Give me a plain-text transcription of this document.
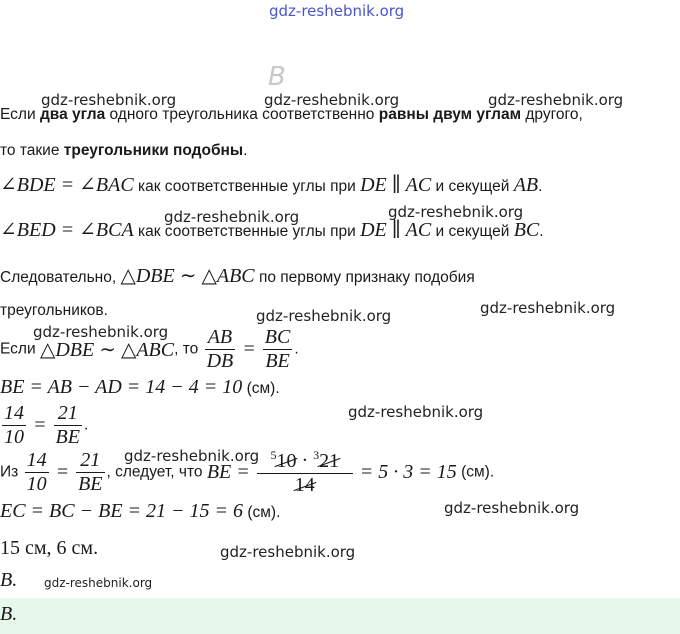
gdz-reshebnik.org
B
gdz-reshebnik.org	gdz-reshebnik.org	gdz-reshebnik.org
Если два угла одного треугольника соответственно равны двум углам другого,
то такие треугольники подобны.
∠BDE = ∠BAC как соответственные углы при DE ∥ AC и секущей AB.
gdz-reshebnik.org	gdz-reshebnik.org
∠BED = ∠BCA как соответственные углы при DE ∥ AC и секущей BC.
Следовательно, △DBE ∼ △ABC по первому признаку подобия
треугольников.	gdz-reshebnik.org	gdz-reshebnik.org
gdz-reshebnik.org
Если △DBE ∼ △ABC, то $\frac{AB}{DB} = \frac{BC}{BE}$ .
BE = AB − AD = 14 − 4 = 10 (см).
gdz-reshebnik.org
$\frac{14}{10} = \frac{21}{BE}$ .
gdz-reshebnik.org
Из $\frac{14}{10} = \frac{21}{BE}$ , следует, что BE = $\frac{^510 \cdot ^321}{14} = 5 \cdot 3 = 15$ (см).
gdz-reshebnik.org
EC = BC − BE = 21 − 15 = 6 (см).
15 см, 6 см.	gdz-reshebnik.org
B. gdz-reshebnik.org
B.
